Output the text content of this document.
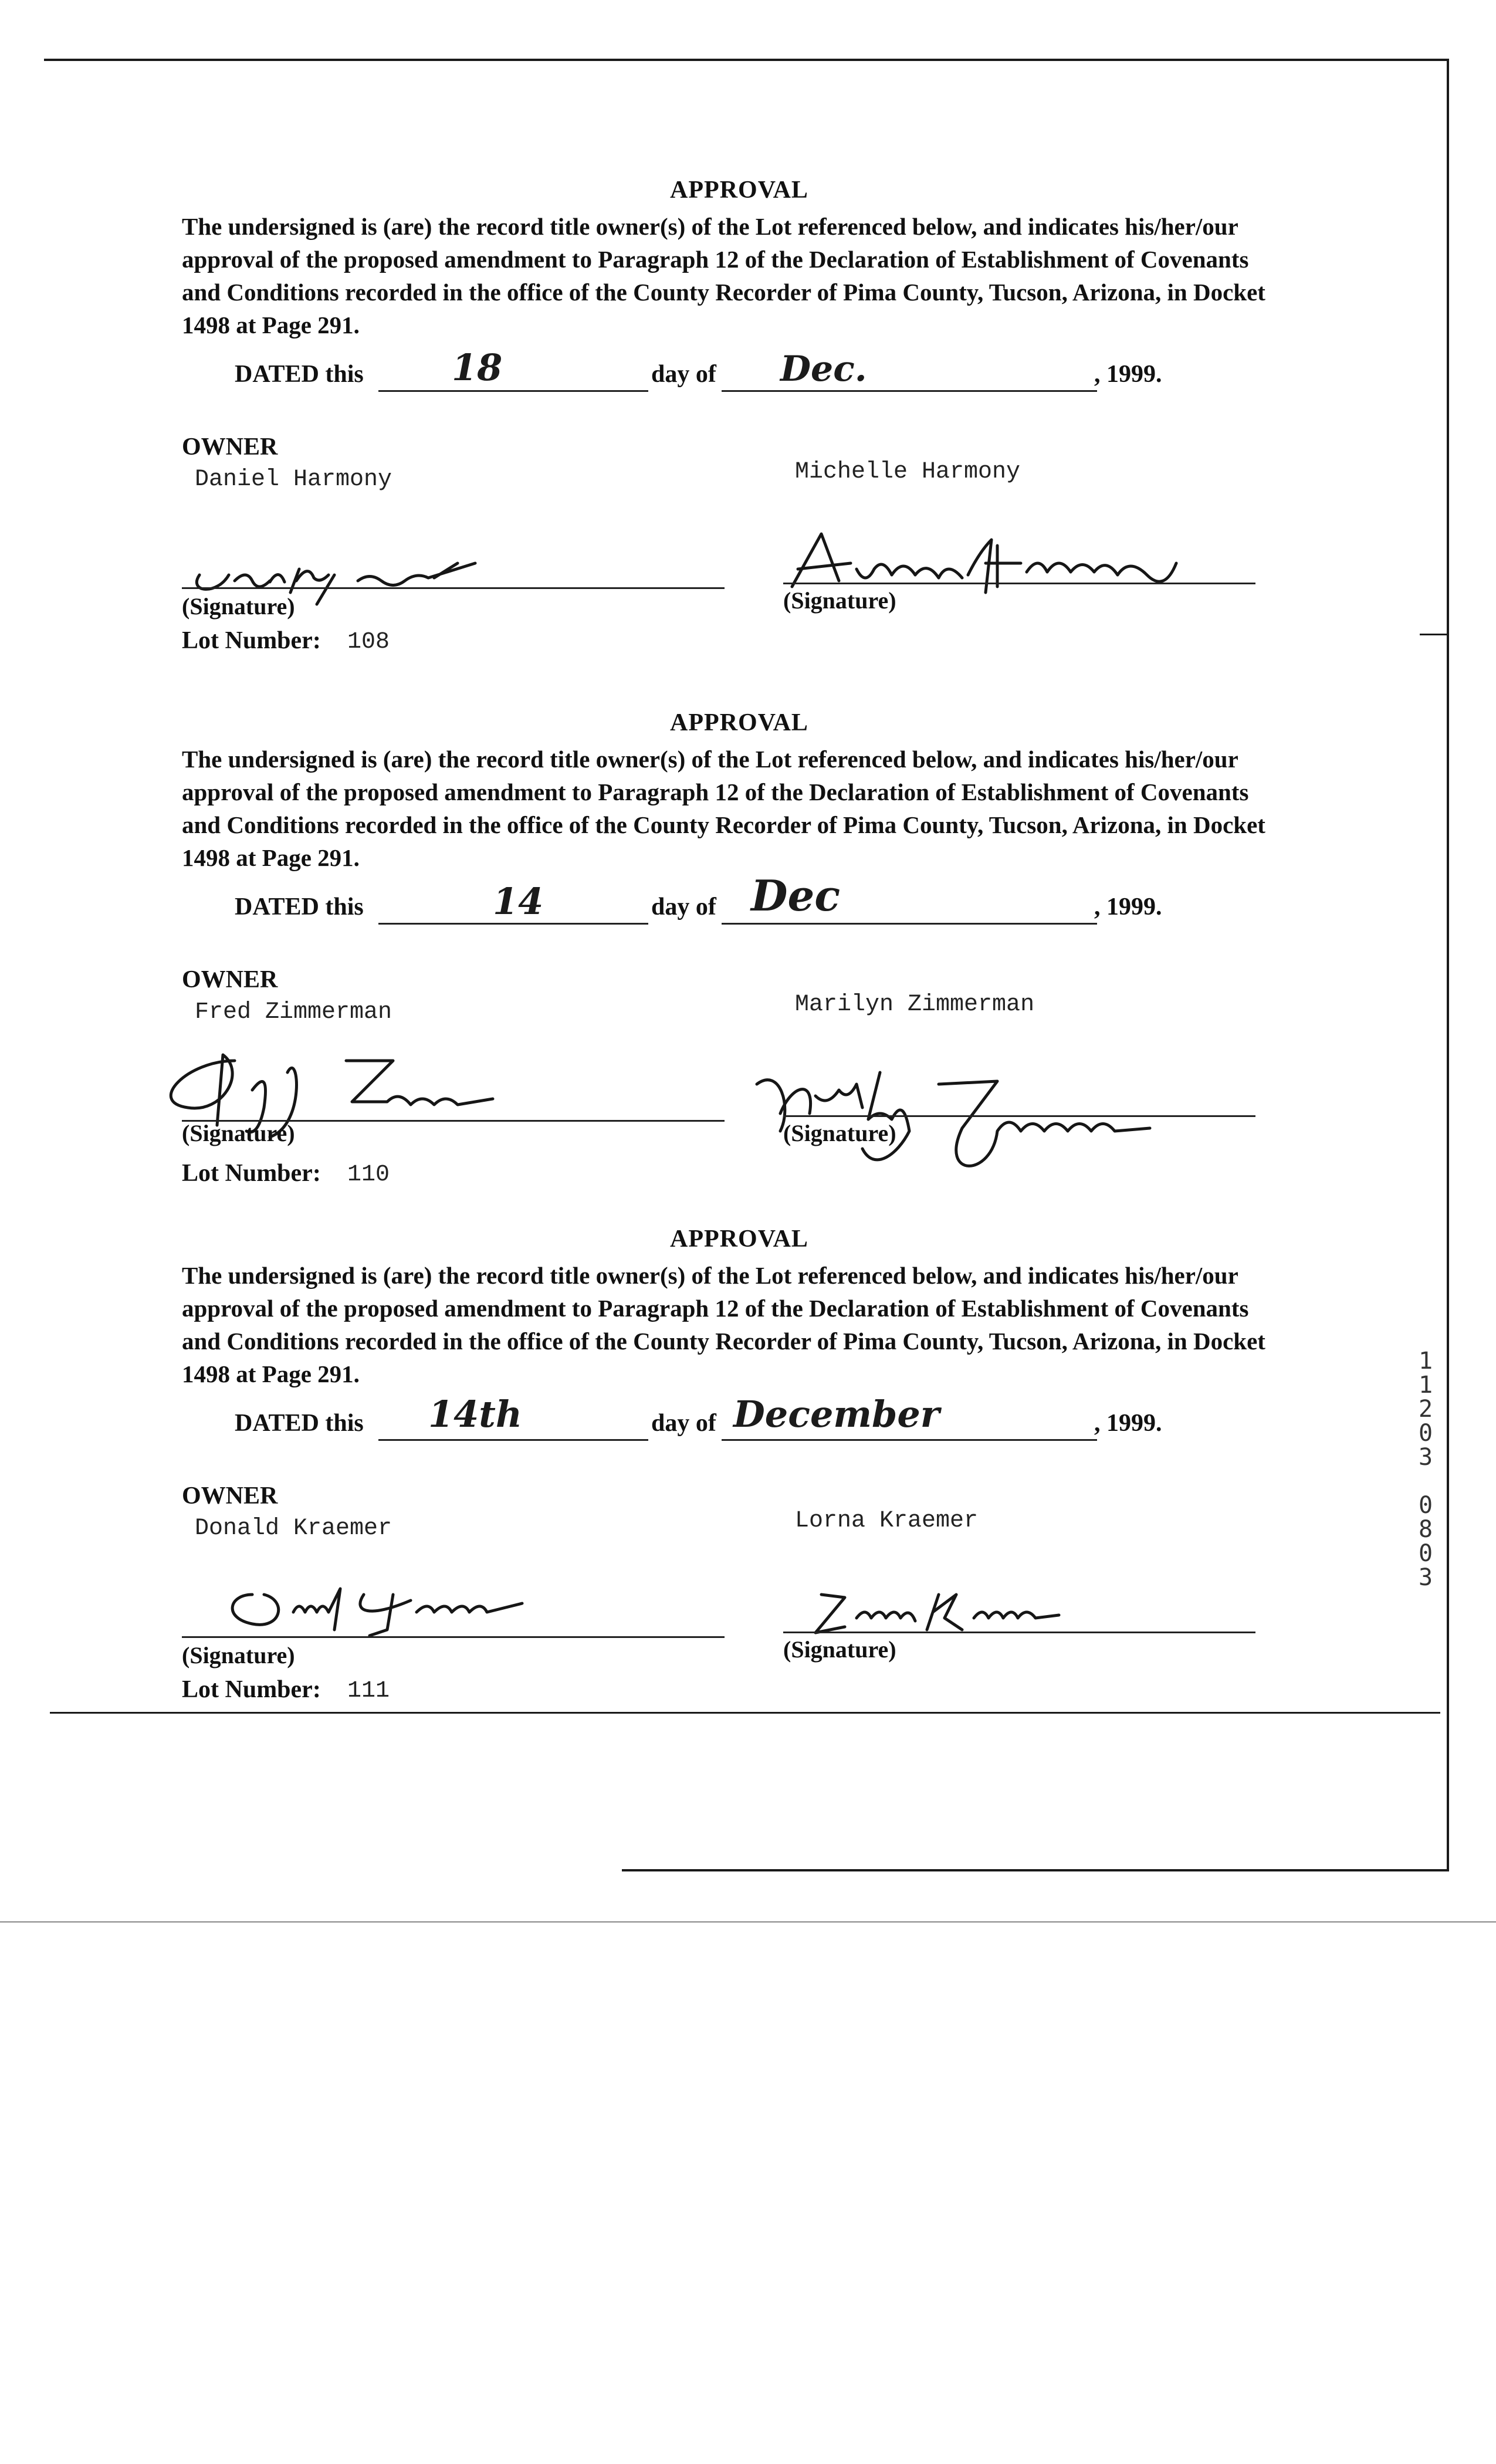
APPROVAL
The undersigned is (are) the record title owner(s) of the Lot referenced below, and indicates his/her/our approval of the proposed amendment to Paragraph 12 of the Declaration of Establishment of Covenants and Conditions recorded in the office of the County Recorder of Pima County, Tucson, Arizona, in Docket 1498 at Page 291.
DATED this 18	day of Dec.	, 1999.
OWNER
Daniel Harmony	Michelle Harmony
(Signature)	(Signature)
Lot Number: 108
APPROVAL
The undersigned is (are) the record title owner(s) of the Lot referenced below, and indicates his/her/our approval of the proposed amendment to Paragraph 12 of the Declaration of Establishment of Covenants and Conditions recorded in the office of the County Recorder of Pima County, Tucson, Arizona, in Docket 1498 at Page 291.
DATED this	14	day of Dec	, 1999.
OWNER
Fred Zimmerman	Marilyn Zimmerman
(Signature)	(Signature)
Lot Number: 110
APPROVAL
The undersigned is (are) the record title owner(s) of the Lot referenced below, and indicates his/her/our approval of the proposed amendment to Paragraph 12 of the Declaration of Establishment of Covenants and Conditions recorded in the office of the County Recorder of Pima County, Tucson, Arizona, in Docket 1498 at Page 291.
DATED this 14th	day of December	, 1999.
OWNER
Donald Kraemer	Lorna Kraemer
(Signature)	(Signature)
Lot Number: 111
1
1
2
0
3

0
8
0
3
